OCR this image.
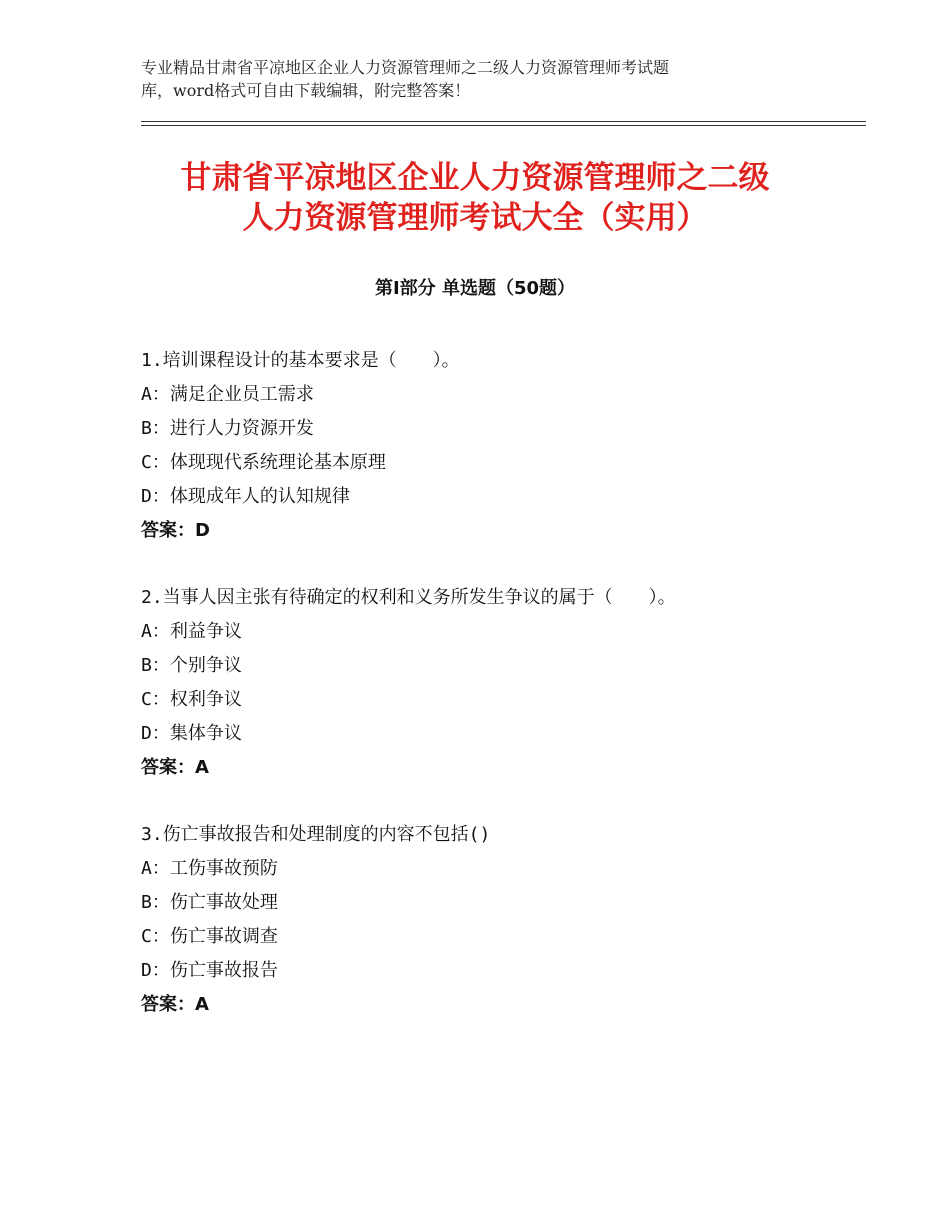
专业精品甘肃省平凉地区企业人力资源管理师之二级人力资源管理师考试题
库，word格式可自由下载编辑，附完整答案！
甘肃省平凉地区企业人力资源管理师之二级
人力资源管理师考试大全（实用）
第Ⅰ部分 单选题（50题）
1.培训课程设计的基本要求是（　　）。
A：满足企业员工需求
B：进行人力资源开发
C：体现现代系统理论基本原理
D：体现成年人的认知规律
答案：D
2.当事人因主张有待确定的权利和义务所发生争议的属于（　　）。
A：利益争议
B：个别争议
C：权利争议
D：集体争议
答案：A
3.伤亡事故报告和处理制度的内容不包括()
A：工伤事故预防
B：伤亡事故处理
C：伤亡事故调查
D：伤亡事故报告
答案：A
